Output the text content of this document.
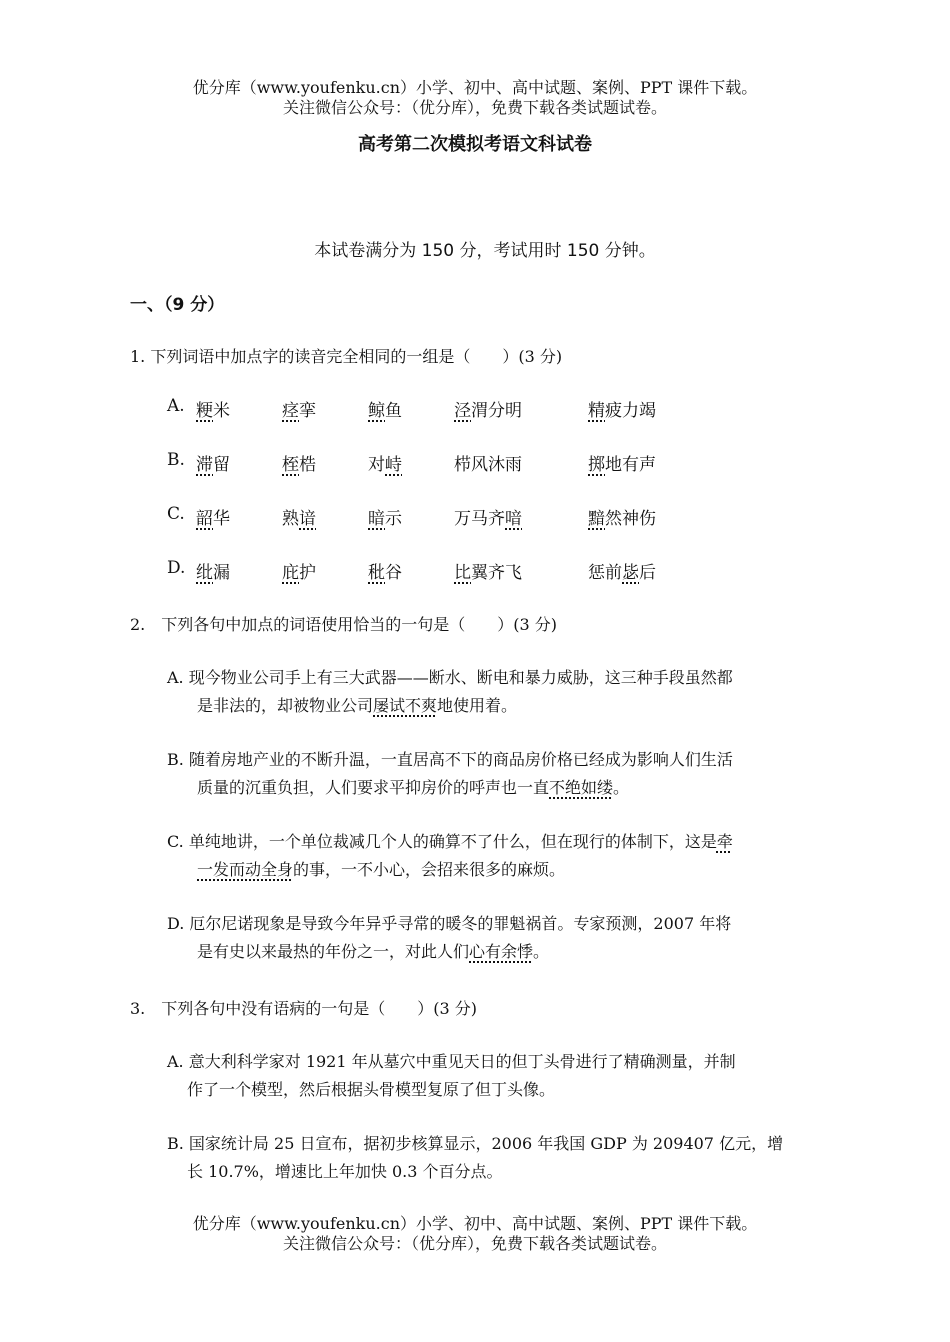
优分库（www.youfenku.cn）小学、初中、高中试题、案例、PPT 课件下载。
关注微信公众号：（优分库），免费下载各类试题试卷。
高考第二次模拟考语文科试卷
本试卷满分为 150 分，考试用时 150 分钟。
一、（9 分）
1. 下列词语中加点字的读音完全相同的一组是（　　）(3 分)
A. 粳米	痉挛	鲸鱼	泾渭分明	精疲力竭
B. 滞留	桎梏	对峙	栉风沐雨	掷地有声
C. 韶华	熟谙	暗示	万马齐喑	黯然神伤
D. 纰漏	庇护	秕谷	比翼齐飞	惩前毖后
2.　下列各句中加点的词语使用恰当的一句是（　　）(3 分)
A. 现今物业公司手上有三大武器——断水、断电和暴力威胁，这三种手段虽然都
是非法的，却被物业公司屡试不爽地使用着。
B. 随着房地产业的不断升温，一直居高不下的商品房价格已经成为影响人们生活
质量的沉重负担，人们要求平抑房价的呼声也一直不绝如缕。
C. 单纯地讲，一个单位裁减几个人的确算不了什么，但在现行的体制下，这是牵
一发而动全身的事，一不小心，会招来很多的麻烦。
D. 厄尔尼诺现象是导致今年异乎寻常的暖冬的罪魁祸首。专家预测，2007 年将
是有史以来最热的年份之一，对此人们心有余悸。
3.　下列各句中没有语病的一句是（　　）(3 分)
A. 意大利科学家对 1921 年从墓穴中重见天日的但丁头骨进行了精确测量，并制
作了一个模型，然后根据头骨模型复原了但丁头像。
B. 国家统计局 25 日宣布，据初步核算显示，2006 年我国 GDP 为 209407 亿元，增
长 10.7%，增速比上年加快 0.3 个百分点。
优分库（www.youfenku.cn）小学、初中、高中试题、案例、PPT 课件下载。
关注微信公众号：（优分库），免费下载各类试题试卷。
